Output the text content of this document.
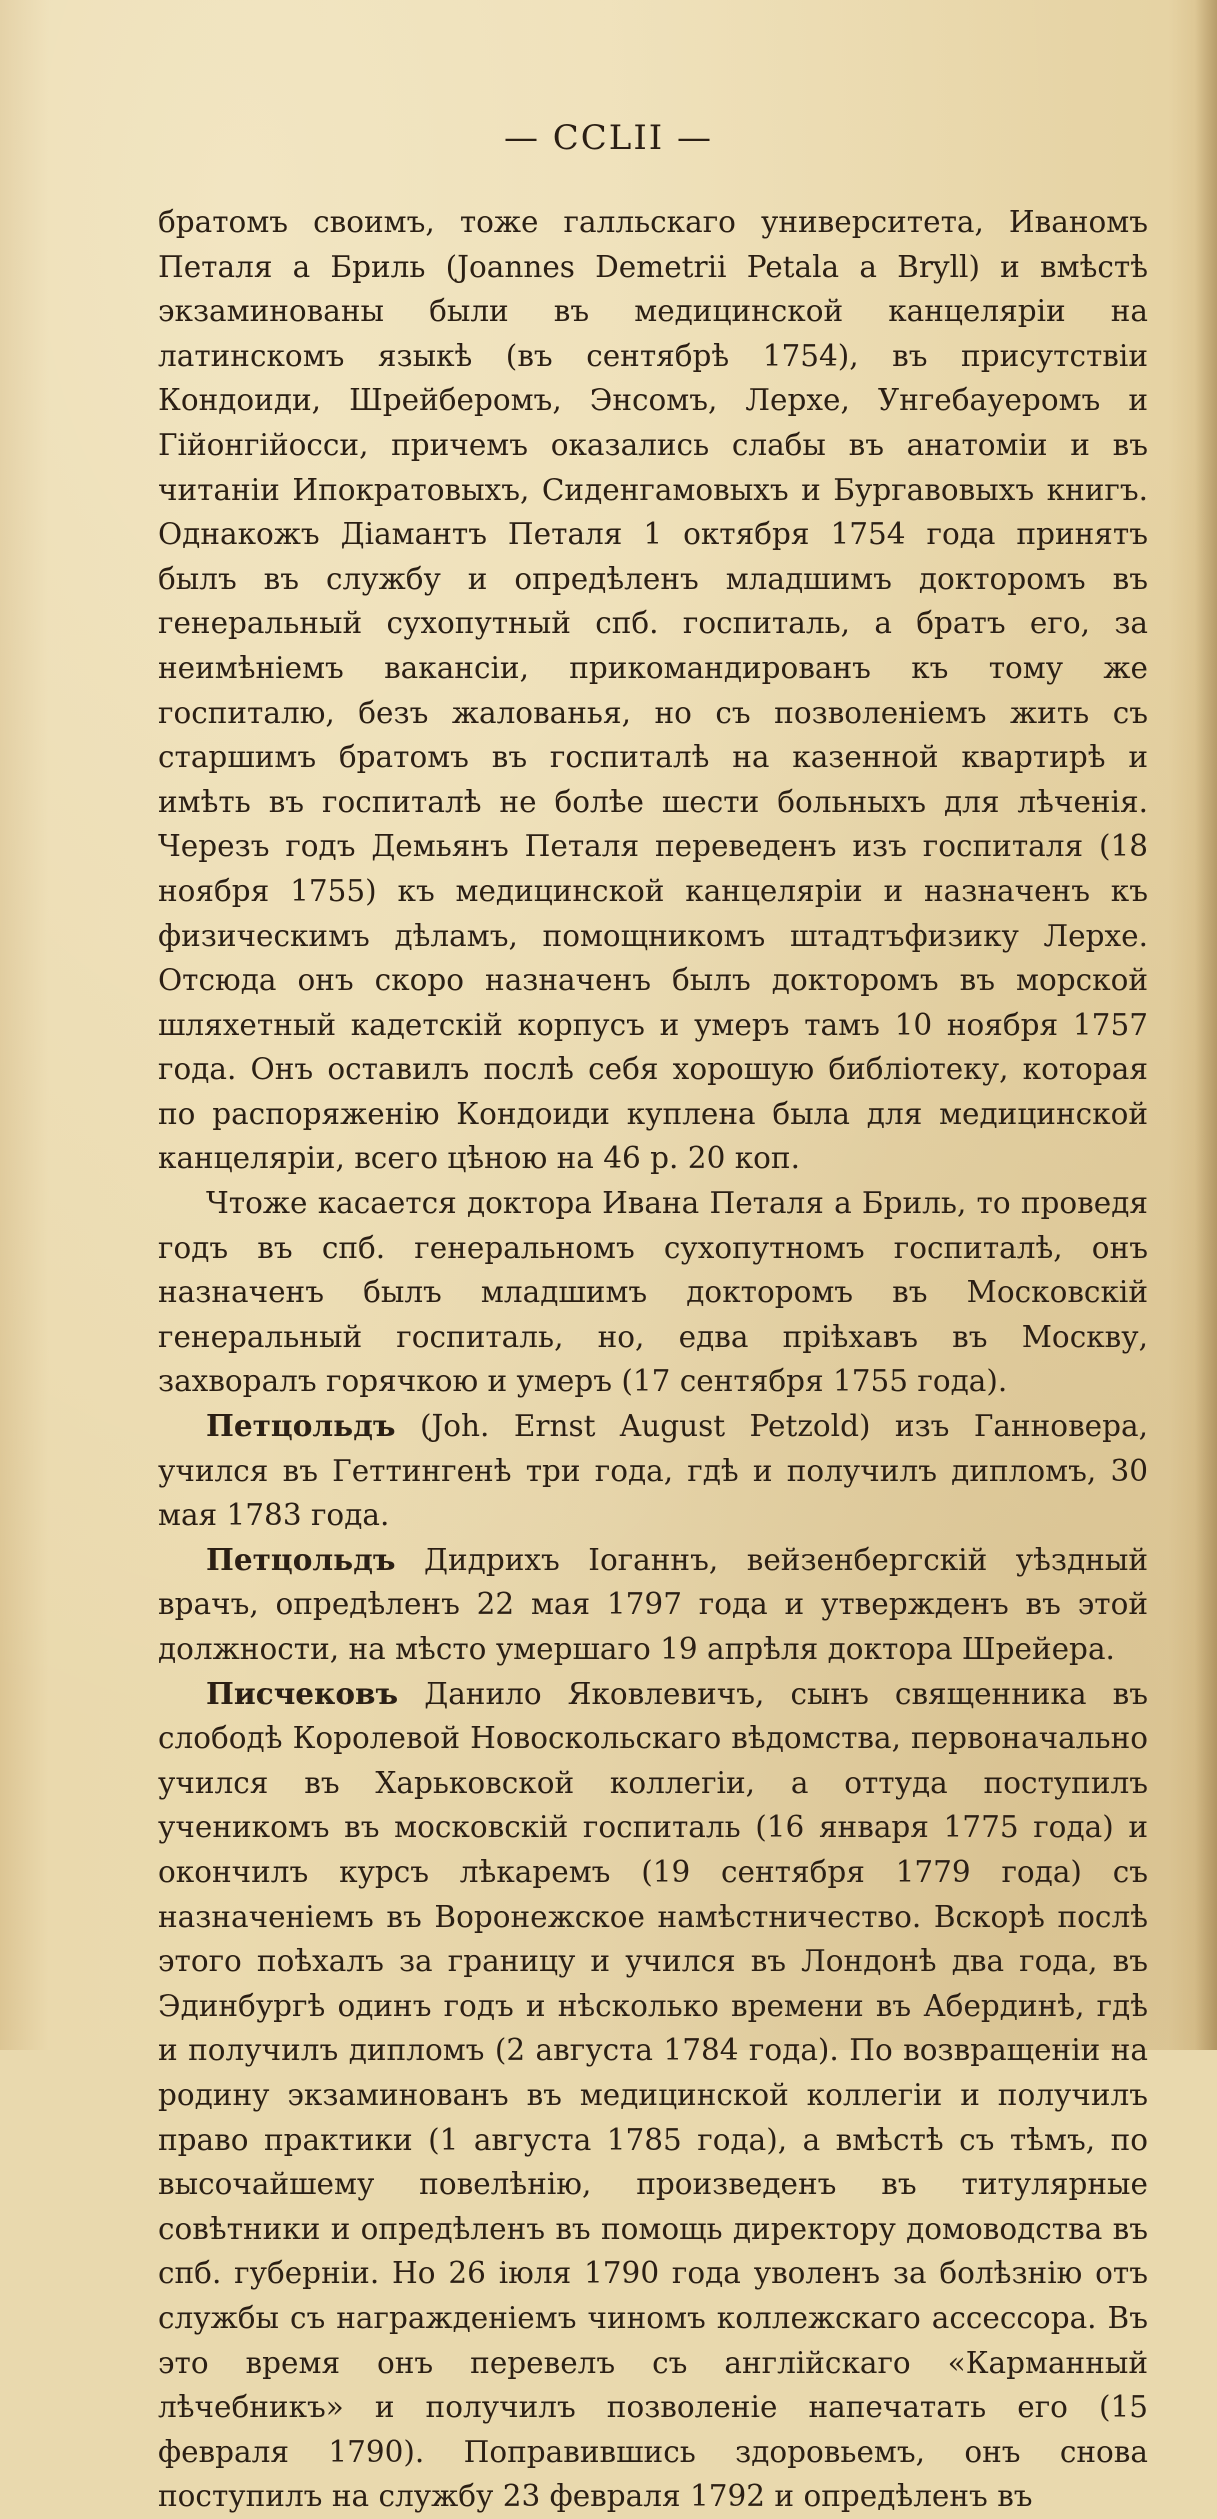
— CCLII —

братомъ своимъ, тоже галльскаго университета, Иваномъ Петаля а Бриль (Joannes Demetrii Petala a Bryll) и вмѣстѣ экзаминованы были въ медицинской канцеляріи на латинскомъ языкѣ (въ сентябрѣ 1754), въ присутствіи Кондоиди, Шрейберомъ, Энсомъ, Лерхе, Унгебауеромъ и Гійонгійосси, причемъ оказались слабы въ анатоміи и въ читаніи Ипократовыхъ, Сиденгамовыхъ и Бургавовыхъ книгъ. Однакожъ Діамантъ Петаля 1 октября 1754 года принятъ былъ въ службу и опредѣленъ младшимъ докторомъ въ генеральный сухопутный спб. госпиталь, а братъ его, за неимѣніемъ вакансіи, прикомандированъ къ тому же госпиталю, безъ жалованья, но съ позволеніемъ жить съ старшимъ братомъ въ госпиталѣ на казенной квартирѣ и имѣть въ госпиталѣ не болѣе шести больныхъ для лѣченія. Черезъ годъ Демьянъ Петаля переведенъ изъ госпиталя (18 ноября 1755) къ медицинской канцеляріи и назначенъ къ физическимъ дѣламъ, помощникомъ штадтъфизику Лерхе. Отсюда онъ скоро назначенъ былъ докторомъ въ морской шляхетный кадетскій корпусъ и умеръ тамъ 10 ноября 1757 года. Онъ оставилъ послѣ себя хорошую библіотеку, которая по распоряженію Кондоиди куплена была для медицинской канцеляріи, всего цѣною на 46 р. 20 коп.

Чтоже касается доктора Ивана Петаля а Бриль, то проведя годъ въ спб. генеральномъ сухопутномъ госпиталѣ, онъ назначенъ былъ младшимъ докторомъ въ Московскій генеральный госпиталь, но, едва пріѣхавъ въ Москву, захворалъ горячкою и умеръ (17 сентября 1755 года).

Петцольдъ (Joh. Ernst August Petzold) изъ Ганновера, учился въ Геттингенѣ три года, гдѣ и получилъ дипломъ, 30 мая 1783 года.

Петцольдъ Дидрихъ Іоганнъ, вейзенбергскій уѣздный врачъ, опредѣленъ 22 мая 1797 года и утвержденъ въ этой должности, на мѣсто умершаго 19 апрѣля доктора Шрейера.

Писчековъ Данило Яковлевичъ, сынъ священника въ слободѣ Королевой Новоскольскаго вѣдомства, первоначально учился въ Харьковской коллегіи, а оттуда поступилъ ученикомъ въ московскій госпиталь (16 января 1775 года) и окончилъ курсъ лѣкаремъ (19 сентября 1779 года) съ назначеніемъ въ Воронежское намѣстничество. Вскорѣ послѣ этого поѣхалъ за границу и учился въ Лондонѣ два года, въ Эдинбургѣ одинъ годъ и нѣсколько времени въ Абердинѣ, гдѣ и получилъ дипломъ (2 августа 1784 года). По возвращеніи на родину экзаминованъ въ медицинской коллегіи и получилъ право практики (1 августа 1785 года), а вмѣстѣ съ тѣмъ, по высочайшему повелѣнію, произведенъ въ титулярные совѣтники и опредѣленъ въ помощь директору домоводства въ спб. губерніи. Но 26 іюля 1790 года уволенъ за болѣзнію отъ службы съ награжденіемъ чиномъ коллежскаго ассессора. Въ это время онъ перевелъ съ англійскаго «Карманный лѣчебникъ» и получилъ позволеніе напечатать его (15 февраля 1790). Поправившись здоровьемъ, онъ снова поступилъ на службу 23 февраля 1792 и опредѣленъ въ
